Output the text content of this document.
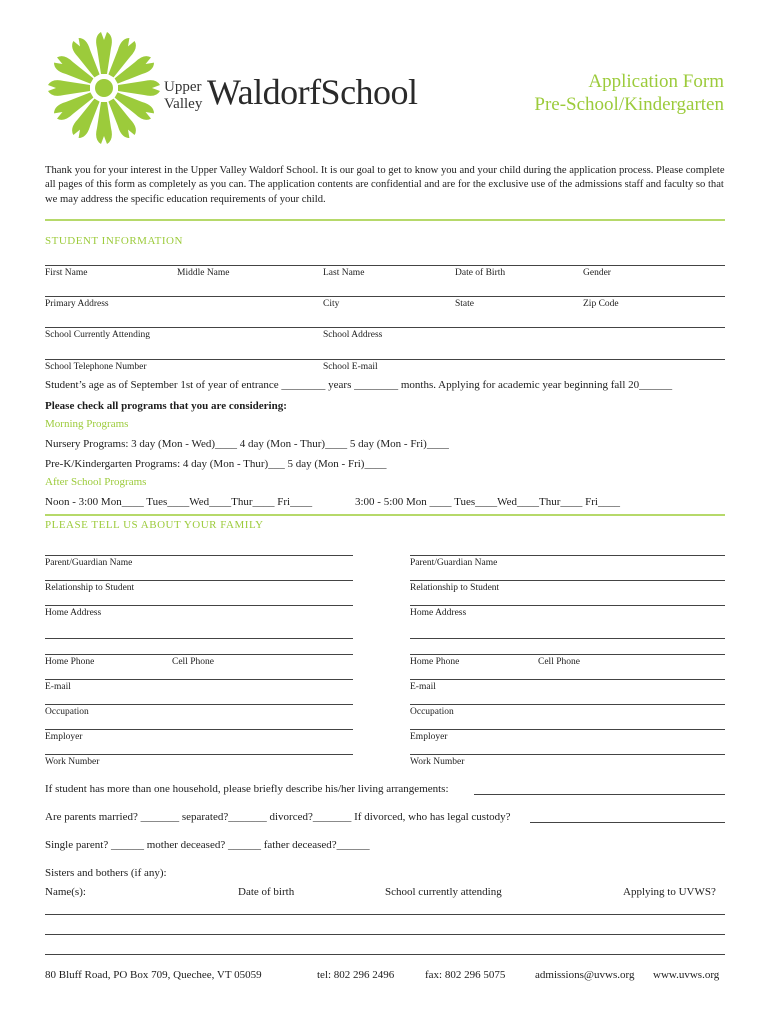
Upper
Valley WaldorfSchool	Application Form
Pre-School/Kindergarten
Thank you for your interest in the Upper Valley Waldorf School. It is our goal to get to know you and your child during the application process. Please complete all pages of this form as completely as you can. The application contents are confidential and are for the exclusive use of the admissions staff and faculty so that we may address the specific education requirements of your child.
STUDENT INFORMATION
First Name	Middle Name	Last Name	Date of Birth	Gender
Primary Address	City	State	Zip Code
School Currently Attending	School Address
School Telephone Number	School E-mail
Student’s age as of September 1st of year of entrance ________ years ________ months. Applying for academic year beginning fall 20______
Please check all programs that you are considering:
Morning Programs
Nursery Programs: 3 day (Mon - Wed)____ 4 day (Mon - Thur)____ 5 day (Mon - Fri)____
Pre-K/Kindergarten Programs: 4 day (Mon - Thur)___ 5 day (Mon - Fri)____
After School Programs
Noon - 3:00 Mon____ Tues____Wed____Thur____ Fri____	3:00 - 5:00 Mon ____ Tues____Wed____Thur____ Fri____
PLEASE TELL US ABOUT YOUR FAMILY
Parent/Guardian Name	Parent/Guardian Name
Relationship to Student	Relationship to Student
Home Address	Home Address
Home Phone	Cell Phone	Home Phone	Cell Phone
E-mail	E-mail
Occupation	Occupation
Employer	Employer
Work Number	Work Number
If student has more than one household, please briefly describe his/her living arrangements:
Are parents married? _______ separated?_______ divorced?_______ If divorced, who has legal custody?
Single parent? ______ mother deceased? ______ father deceased?______
Sisters and bothers (if any):
Name(s):	Date of birth	School currently attending	Applying to UVWS?
80 Bluff Road, PO Box 709, Quechee, VT 05059	tel: 802 296 2496	fax: 802 296 5075	admissions@uvws.org www.uvws.org
